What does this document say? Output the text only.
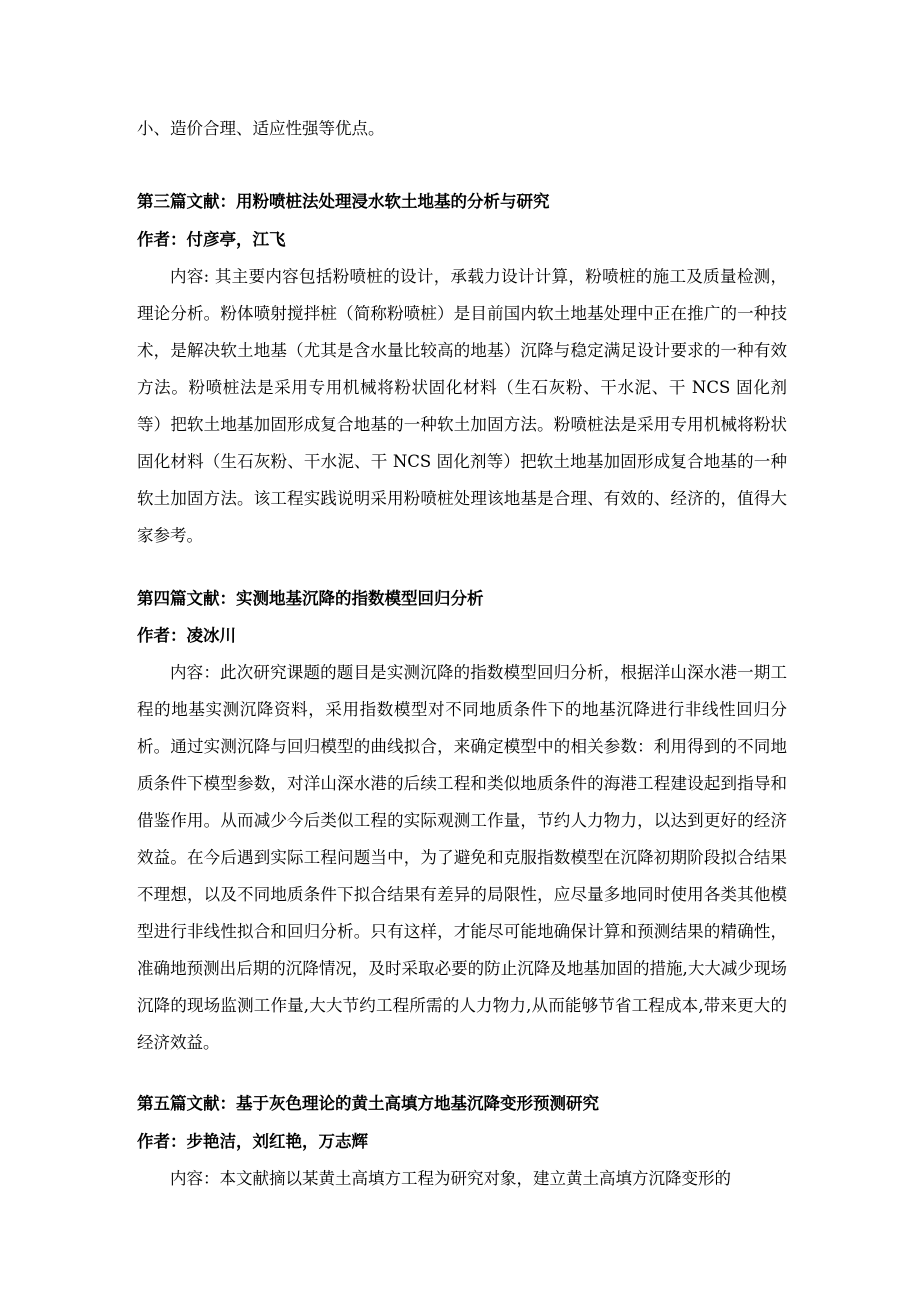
小、造价合理、适应性强等优点。

第三篇文献：用粉喷桩法处理浸水软土地基的分析与研究

作者：付彦亭，江飞

内容: 其主要内容包括粉喷桩的设计，承载力设计计算，粉喷桩的施工及质量检测，理论分析。粉体喷射搅拌桩（简称粉喷桩）是目前国内软土地基处理中正在推广的一种技术，是解决软土地基（尤其是含水量比较高的地基）沉降与稳定满足设计要求的一种有效方法。粉喷桩法是采用专用机械将粉状固化材料（生石灰粉、干水泥、干 NCS 固化剂等）把软土地基加固形成复合地基的一种软土加固方法。粉喷桩法是采用专用机械将粉状固化材料（生石灰粉、干水泥、干 NCS 固化剂等）把软土地基加固形成复合地基的一种软土加固方法。该工程实践说明采用粉喷桩处理该地基是合理、有效的、经济的，值得大家参考。

第四篇文献：实测地基沉降的指数模型回归分析

作者：凌冰川

内容：此次研究课题的题目是实测沉降的指数模型回归分析，根据洋山深水港一期工程的地基实测沉降资料，采用指数模型对不同地质条件下的地基沉降进行非线性回归分析。通过实测沉降与回归模型的曲线拟合，来确定模型中的相关参数：利用得到的不同地质条件下模型参数，对洋山深水港的后续工程和类似地质条件的海港工程建设起到指导和借鉴作用。从而减少今后类似工程的实际观测工作量，节约人力物力，以达到更好的经济效益。在今后遇到实际工程问题当中，为了避免和克服指数模型在沉降初期阶段拟合结果不理想，以及不同地质条件下拟合结果有差异的局限性，应尽量多地同时使用各类其他模型进行非线性拟合和回归分析。只有这样，才能尽可能地确保计算和预测结果的精确性，准确地预测出后期的沉降情况，及时采取必要的防止沉降及地基加固的措施,大大减少现场沉降的现场监测工作量,大大节约工程所需的人力物力,从而能够节省工程成本,带来更大的经济效益。

第五篇文献：基于灰色理论的黄土高填方地基沉降变形预测研究

作者：步艳洁，刘红艳，万志辉

内容：本文献摘以某黄土高填方工程为研究对象，建立黄土高填方沉降变形的
